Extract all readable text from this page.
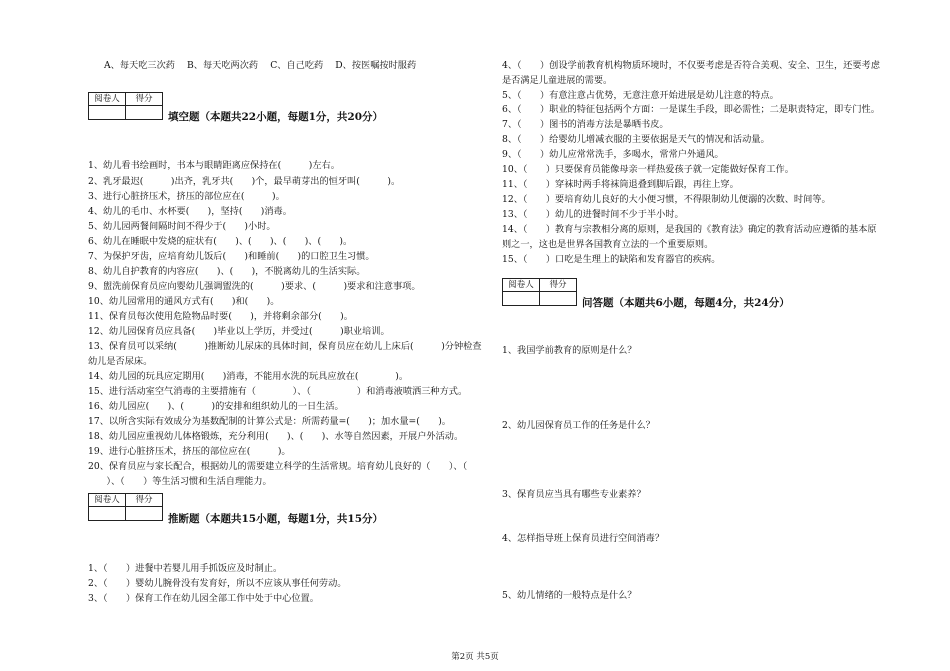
A、每天吃三次药　 B、每天吃两次药　 C、自己吃药　 D、按医嘱按时服药
阅卷人	得分

填空题（本题共22小题，每题1分，共20分）
1、幼儿看书绘画时，书本与眼睛距离应保持在(　　　)左右。
2、乳牙最迟(　　　)出齐，乳牙共(　　)个，最早萌芽出的恒牙叫(　　　)。
3、进行心脏挤压术，挤压的部位应在(　　　)。
4、幼儿的毛巾、水杯要(　　)，坚持(　　)消毒。
5、幼儿园两餐间隔时间不得少于(　　)小时。
6、幼儿在睡眠中发烧的症状有(　　)、(　　)、(　　)、(　　)。
7、为保护牙齿，应培育幼儿饭后(　　)和睡前(　　)的口腔卫生习惯。
8、幼儿自护教育的内容应(　　)、(　　)，不脱离幼儿的生活实际。
9、盥洗前保育员应向婴幼儿强调盥洗的(　　　)要求、(　　　)要求和注意事项。
10、幼儿园常用的通风方式有(　　)和(　　)。
11、保育员每次使用危险物品时要(　　)，并将剩余部分(　　)。
12、幼儿园保育员应具备(　　)毕业以上学历，并受过(　　　)职业培训。
13、保育员可以采纳(　　　)推断幼儿尿床的具体时间，保育员应在幼儿上床后(　　　)分钟检查
幼儿是否尿床。
14、幼儿园的玩具应定期用(　　)消毒，不能用水洗的玩具应放在(　　　　)。
15、进行活动室空气消毒的主要措施有（　　　　）、（　　　　　）和消毒液喷洒三种方式。
16、幼儿园应(　　)、(　　　)的安排和组织幼儿的一日生活。
17、以所含实际有效成分为基数配制的计算公式是：所需药量=(　　)；加水量=(　　)。
18、幼儿园应重视幼儿体格锻炼，充分利用(　　)、(　　)、水等自然因素，开展户外活动。
19、进行心脏挤压术，挤压的部位应在(　　　)。
20、保育员应与家长配合，根据幼儿的需要建立科学的生活常规。培育幼儿良好的（　　）、（
　　）、（　　）等生活习惯和生活自理能力。
阅卷人	得分

推断题（本题共15小题，每题1分，共15分）
1、（　　）进餐中若婴儿用手抓饭应及时制止。
2、（　　）婴幼儿腕骨没有发育好，所以不应该从事任何劳动。
3、（　　）保育工作在幼儿园全部工作中处于中心位置。
4、（　　）创设学前教育机构物质环境时，不仅要考虑是否符合美观、安全、卫生，还要考虑
是否满足儿童进展的需要。
5、（　　）有意注意占优势，无意注意开始进展是幼儿注意的特点。
6、（　　）职业的特征包括两个方面：一是谋生手段，即必需性；二是职责特定，即专门性。
7、（　　）图书的消毒方法是暴晒书皮。
8、（　　）给婴幼儿增减衣服的主要依据是天气的情况和活动量。
9、（　　）幼儿应常常洗手，多喝水，常常户外通风。
10、（　　）只要保育员能像母亲一样热爱孩子就一定能做好保育工作。
11、（　　）穿袜时两手将袜筒退叠到脚后跟，再往上穿。
12、（　　）要培育幼儿良好的大小便习惯，不得限制幼儿便溺的次数、时间等。
13、（　　）幼儿的进餐时间不少于半小时。
14、（　　）教育与宗教相分离的原则，是我国的《教育法》确定的教育活动应遵循的基本原
则之一，这也是世界各国教育立法的一个重要原则。
15、（　　）口吃是生理上的缺陷和发育器官的疾病。
阅卷人	得分

问答题（本题共6小题，每题4分，共24分）
1、我国学前教育的原则是什么？
2、幼儿园保育员工作的任务是什么？
3、保育员应当具有哪些专业素养？
4、怎样指导班上保育员进行空间消毒？
5、幼儿情绪的一般特点是什么？
第2页 共5页
